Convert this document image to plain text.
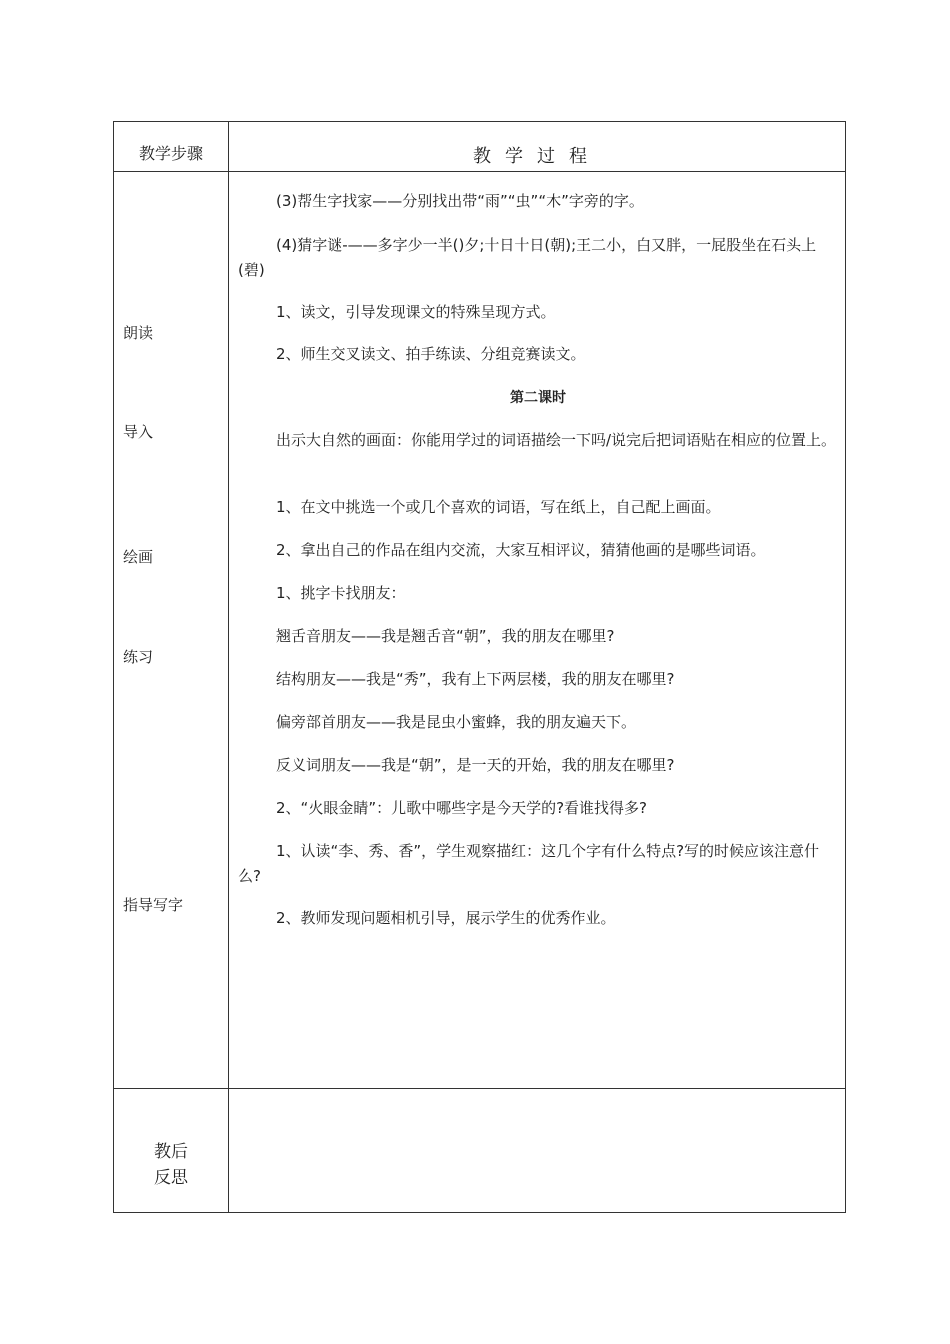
教学步骤	教学过程
朗读
导入
绘画
练习
指导写字
(3)帮生字找家——分别找出带“雨”“虫”“木”字旁的字。
(4)猜字谜-——多字少一半()夕;十日十日(朝);王二小，白又胖，一屁股坐在石头上(碧)
1、读文，引导发现课文的特殊呈现方式。
2、师生交叉读文、拍手练读、分组竞赛读文。
第二课时
出示大自然的画面：你能用学过的词语描绘一下吗/说完后把词语贴在相应的位置上。
1、在文中挑选一个或几个喜欢的词语，写在纸上，自己配上画面。
2、拿出自己的作品在组内交流，大家互相评议，猜猜他画的是哪些词语。
1、挑字卡找朋友：
翘舌音朋友——我是翘舌音“朝”，我的朋友在哪里?
结构朋友——我是“秀”，我有上下两层楼，我的朋友在哪里?
偏旁部首朋友——我是昆虫小蜜蜂，我的朋友遍天下。
反义词朋友——我是“朝”，是一天的开始，我的朋友在哪里?
2、“火眼金睛”：儿歌中哪些字是今天学的?看谁找得多?
1、认读“李、秀、香”，学生观察描红：这几个字有什么特点?写的时候应该注意什么?
2、教师发现问题相机引导，展示学生的优秀作业。
教后
反思
